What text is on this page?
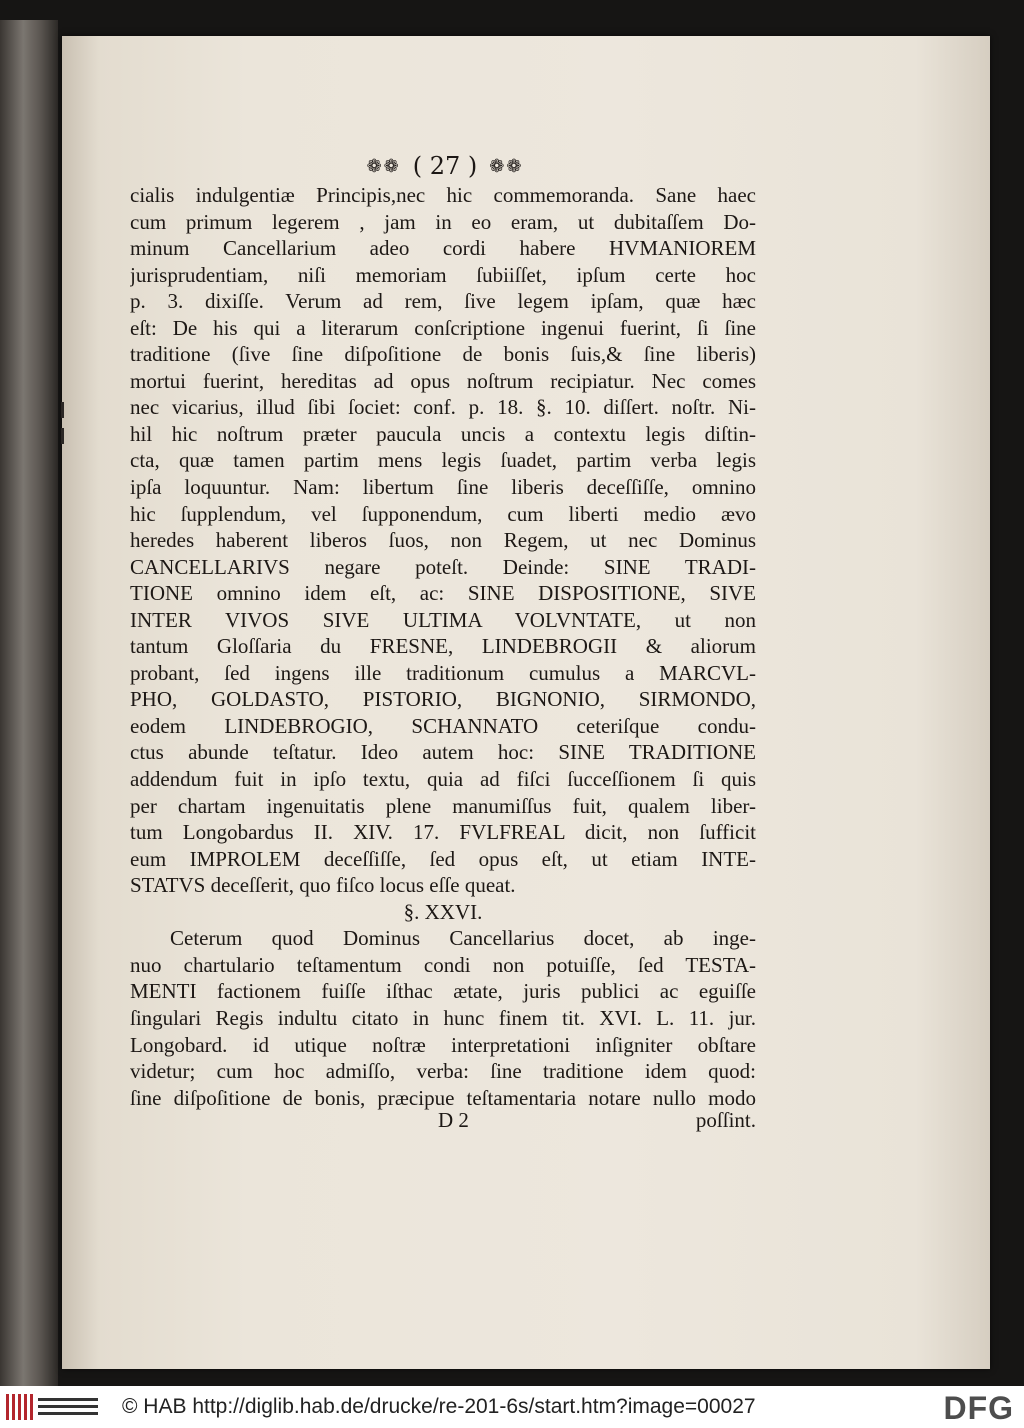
❁❁ ( 27 ) ❁❁
cialis indulgentiæ Principis,nec hic commemoranda. Sane haec
cum primum legerem , jam in eo eram, ut dubitaſſem Do-
minum Cancellarium adeo cordi habere HVMANIOREM
jurisprudentiam, niſi memoriam ſubiiſſet, ipſum certe hoc
p. 3. dixiſſe. Verum ad rem, ſive legem ipſam, quæ hæc
eſt: De his qui a literarum conſcriptione ingenui fuerint, ſi ſine
traditione (ſive ſine diſpoſitione de bonis ſuis,& ſine liberis)
mortui fuerint, hereditas ad opus noſtrum recipiatur. Nec comes
nec vicarius, illud ſibi ſociet: conf. p. 18. §. 10. diſſert. noſtr. Ni-
hil hic noſtrum præter paucula uncis a contextu legis diſtin-
cta, quæ tamen partim mens legis ſuadet, partim verba legis
ipſa loquuntur. Nam: libertum ſine liberis deceſſiſſe, omnino
hic ſupplendum, vel ſupponendum, cum liberti medio ævo
heredes haberent liberos ſuos, non Regem, ut nec Dominus
CANCELLARIVS negare poteſt. Deinde: SINE TRADI-
TIONE omnino idem eſt, ac: SINE DISPOSITIONE, SIVE
INTER VIVOS SIVE ULTIMA VOLVNTATE, ut non
tantum Gloſſaria du FRESNE, LINDEBROGII & aliorum
probant, ſed ingens ille traditionum cumulus a MARCVL-
PHO, GOLDASTO, PISTORIO, BIGNONIO, SIRMONDO,
eodem LINDEBROGIO, SCHANNATO ceteriſque condu-
ctus abunde teſtatur. Ideo autem hoc: SINE TRADITIONE
addendum fuit in ipſo textu, quia ad fiſci ſucceſſionem ſi quis
per chartam ingenuitatis plene manumiſſus fuit, qualem liber-
tum Longobardus II. XIV. 17. FVLFREAL dicit, non ſufficit
eum IMPROLEM deceſſiſſe, ſed opus eſt, ut etiam INTE-
STATVS deceſſerit, quo fiſco locus eſſe queat.
§. XXVI.
Ceterum quod Dominus Cancellarius docet, ab inge-
nuo chartulario teſtamentum condi non potuiſſe, ſed TESTA-
MENTI factionem fuiſſe iſthac ætate, juris publici ac eguiſſe
ſingulari Regis indultu citato in hunc finem tit. XVI. L. 11. jur.
Longobard. id utique noſtræ interpretationi inſigniter obſtare
videtur; cum hoc admiſſo, verba: ſine traditione idem quod:
ſine diſpoſitione de bonis, præcipue teſtamentaria notare nullo modo
D 2	poſſint.
© HAB http://diglib.hab.de/drucke/re-201-6s/start.htm?image=00027	DFG
